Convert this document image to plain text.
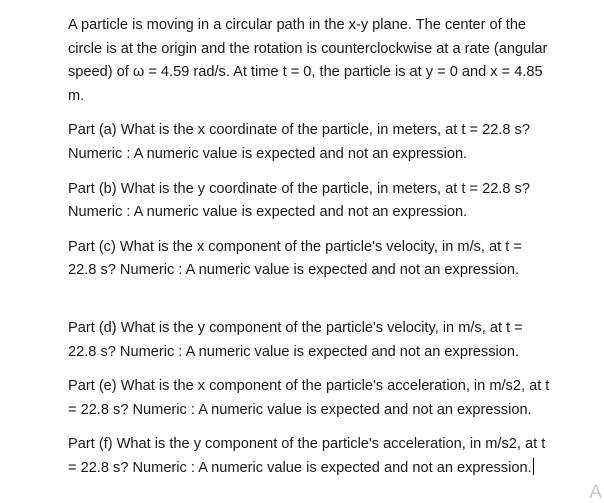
A particle is moving in a circular path in the x-y plane. The center of the
circle is at the origin and the rotation is counterclockwise at a rate (angular
speed) of ω = 4.59 rad/s. At time t = 0, the particle is at y = 0 and x = 4.85
m.

Part (a) What is the x coordinate of the particle, in meters, at t = 22.8 s?
Numeric : A numeric value is expected and not an expression.

Part (b) What is the y coordinate of the particle, in meters, at t = 22.8 s?
Numeric : A numeric value is expected and not an expression.

Part (c) What is the x component of the particle's velocity, in m/s, at t =
22.8 s? Numeric : A numeric value is expected and not an expression.

Part (d) What is the y component of the particle's velocity, in m/s, at t =
22.8 s? Numeric : A numeric value is expected and not an expression.

Part (e) What is the x component of the particle's acceleration, in m/s2, at t
= 22.8 s? Numeric : A numeric value is expected and not an expression.

Part (f) What is the y component of the particle's acceleration, in m/s2, at t
= 22.8 s? Numeric : A numeric value is expected and not an expression.

A
